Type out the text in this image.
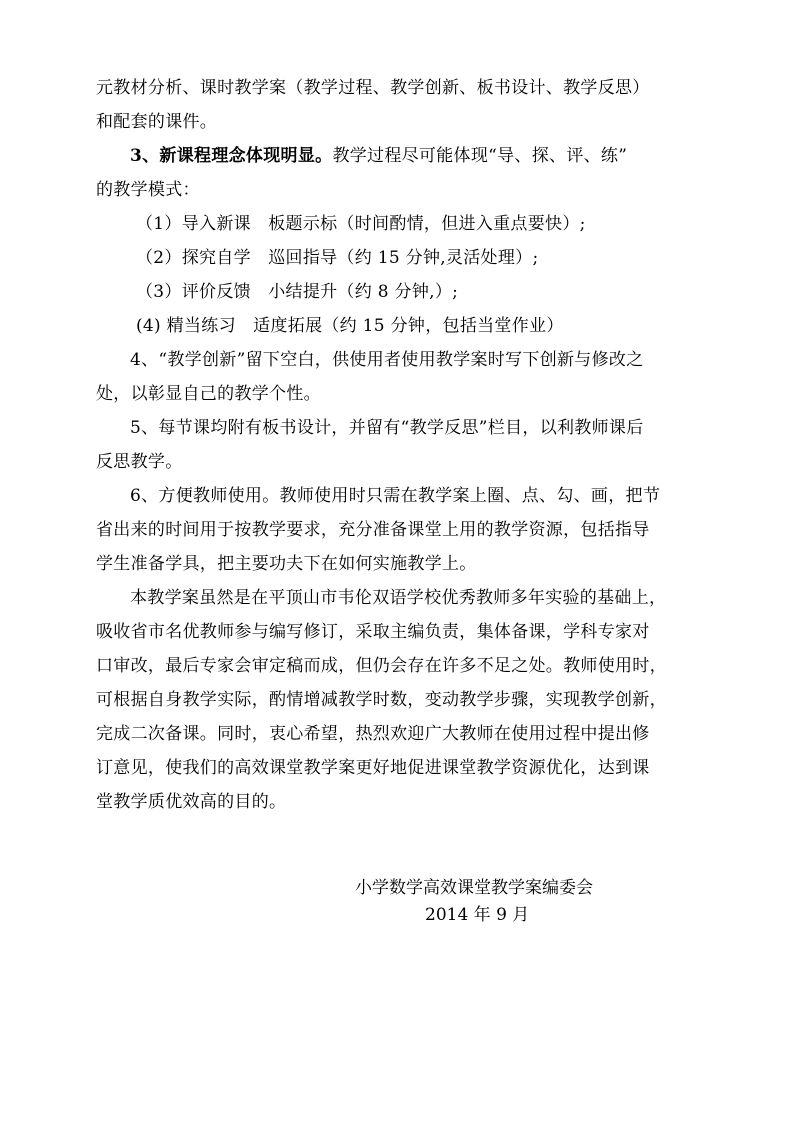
元教材分析、课时教学案（教学过程、教学创新、板书设计、教学反思）
和配套的课件。
3、新课程理念体现明显。教学过程尽可能体现“导、探、评、练”
的教学模式：
（1）导入新课　板题示标（时间酌情，但进入重点要快）;
（2）探究自学　巡回指导（约 15 分钟,灵活处理）;
（3）评价反馈　小结提升（约 8 分钟,）;
(4) 精当练习　适度拓展（约 15 分钟，包括当堂作业）
4、“教学创新”留下空白，供使用者使用教学案时写下创新与修改之
处，以彰显自己的教学个性。
5、每节课均附有板书设计，并留有“教学反思”栏目，以利教师课后
反思教学。
6、方便教师使用。教师使用时只需在教学案上圈、点、勾、画，把节
省出来的时间用于按教学要求，充分准备课堂上用的教学资源，包括指导
学生准备学具，把主要功夫下在如何实施教学上。
本教学案虽然是在平顶山市韦伦双语学校优秀教师多年实验的基础上，
吸收省市名优教师参与编写修订，采取主编负责，集体备课，学科专家对
口审改，最后专家会审定稿而成，但仍会存在许多不足之处。教师使用时，
可根据自身教学实际，酌情增减教学时数，变动教学步骤，实现教学创新，
完成二次备课。同时，衷心希望，热烈欢迎广大教师在使用过程中提出修
订意见，使我们的高效课堂教学案更好地促进课堂教学资源优化，达到课
堂教学质优效高的目的。
小学数学高效课堂教学案编委会
2014 年 9 月
